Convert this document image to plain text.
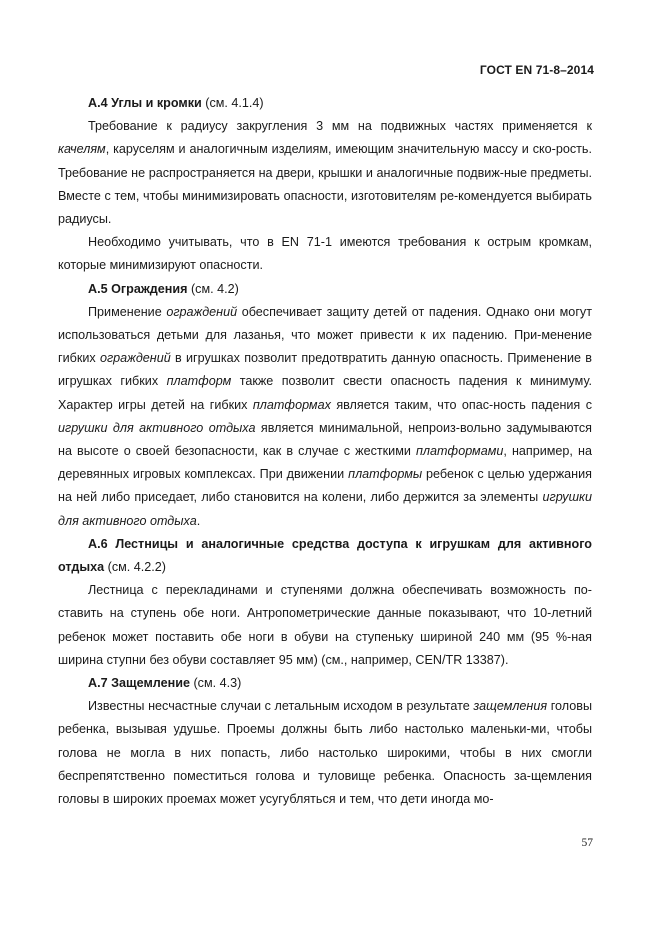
ГОСТ EN 71-8–2014

А.4 Углы и кромки (см. 4.1.4)

Требование к радиусу закругления 3 мм на подвижных частях применяется к качелям, каруселям и аналогичным изделиям, имеющим значительную массу и ско-рость. Требование не распространяется на двери, крышки и аналогичные подвиж-ные предметы. Вместе с тем, чтобы минимизировать опасности, изготовителям ре-комендуется выбирать радиусы.

Необходимо учитывать, что в EN 71-1 имеются требования к острым кромкам, которые минимизируют опасности.

А.5 Ограждения (см. 4.2)

Применение ограждений обеспечивает защиту детей от падения. Однако они могут использоваться детьми для лазанья, что может привести к их падению. При-менение гибких ограждений в игрушках позволит предотвратить данную опасность. Применение в игрушках гибких платформ также позволит свести опасность падения к минимуму. Характер игры детей на гибких платформах является таким, что опас-ность падения с игрушки для активного отдыха является минимальной, непроиз-вольно задумываются на высоте о своей безопасности, как в случае с жесткими платформами, например, на деревянных игровых комплексах. При движении платформы ребенок с целью удержания на ней либо приседает, либо становится на колени, либо держится за элементы игрушки для активного отдыха.

А.6 Лестницы и аналогичные средства доступа к игрушкам для активного отдыха (см. 4.2.2)

Лестница с перекладинами и ступенями должна обеспечивать возможность по-ставить на ступень обе ноги. Антропометрические данные показывают, что 10-летний ребенок может поставить обе ноги в обуви на ступеньку шириной 240 мм (95 %-ная ширина ступни без обуви составляет 95 мм) (см., например, CEN/TR 13387).

А.7 Защемление (см. 4.3)

Известны несчастные случаи с летальным исходом в результате защемления головы ребенка, вызывая удушье. Проемы должны быть либо настолько маленьки-ми, чтобы голова не могла в них попасть, либо настолько широкими, чтобы в них смогли беспрепятственно поместиться голова и туловище ребенка. Опасность за-щемления головы в широких проемах может усугубляться и тем, что дети иногда мо-

57
